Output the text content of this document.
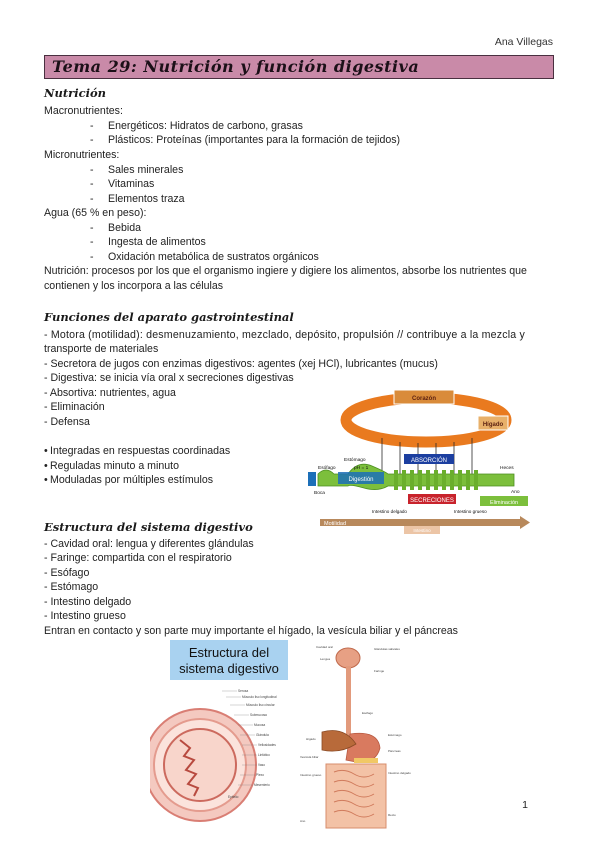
Ana Villegas
Tema 29: Nutrición y función digestiva
Nutrición
Macronutrientes:
- Energéticos: Hidratos de carbono, grasas
- Plásticos: Proteínas (importantes para la formación de tejidos)
Micronutrientes:
- Sales minerales
- Vitaminas
- Elementos traza
Agua (65 % en peso):
- Bebida
- Ingesta de alimentos
- Oxidación metabólica de sustratos orgánicos
Nutrición: procesos por los que el organismo ingiere y digiere los alimentos, absorbe los nutrientes que
contienen y los incorpora a las células
Funciones del aparato gastrointestinal
- Motora (motilidad): desmenuzamiento, mezclado, depósito, propulsión // contribuye a la mezcla y
transporte de materiales
- Secretora de jugos con enzimas digestivos: agentes (xej HCl), lubricantes (mucus)
- Digestiva: se inicia vía oral x secreciones digestivas
- Absortiva: nutrientes, agua
- Eliminación
- Defensa
• Integradas en respuestas coordinadas
• Reguladas minuto a minuto
• Moduladas por múltiples estímulos
Corazón
Hígado
ABSORCIÓN
Digestión
Estómago
pH = 1
Esófago
Boca
Heces
Ano
SECRECIONES	Eliminación
Intestino delgado	Intestino grueso
Motilidad
Intestino
Estructura del sistema digestivo
- Cavidad oral: lengua y diferentes glándulas
- Faringe: compartida con el respiratorio
- Esófago
- Estómago
- Intestino delgado
- Intestino grueso
Entran en contacto y son parte muy importante el hígado, la vesícula biliar y el páncreas
Estructura del
sistema digestivo
Serosa
Músculo liso longitudinal
Músculo liso circular
Submucosa
Mucosa
Glándula
Vellosidades
Linfático
Vaso
Plexo
Mesenterio
Epitelio
Cavidad oral
Lengua
Glándulas salivales
Faringe
Esófago
Hígado
Estómago
Páncreas
Vesícula biliar
Intestino delgado
Intestino grueso
Recto
Ano
1
